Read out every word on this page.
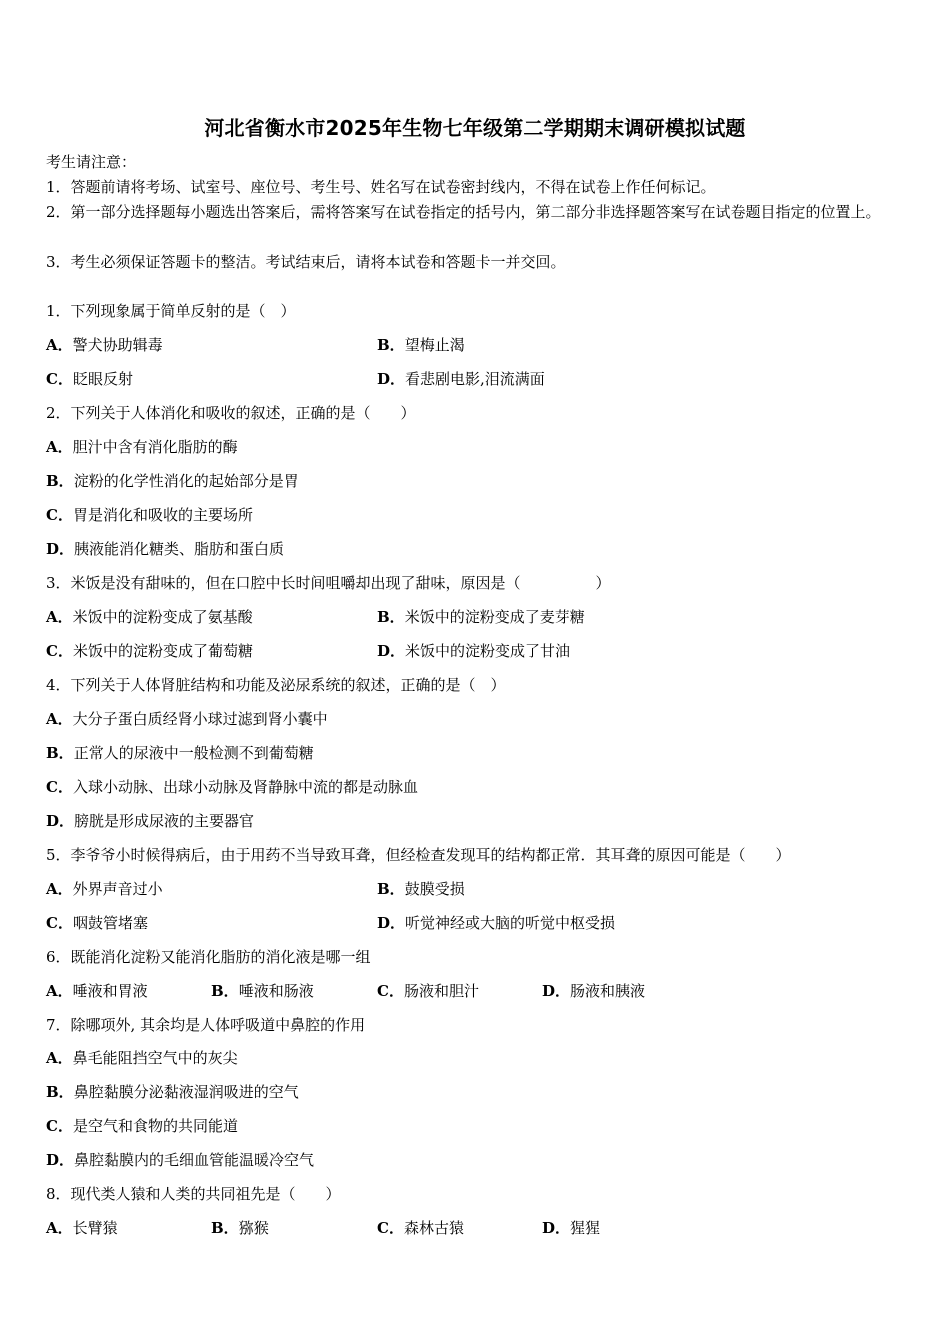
河北省衡水市2025年生物七年级第二学期期末调研模拟试题
考生请注意：
1．答题前请将考场、试室号、座位号、考生号、姓名写在试卷密封线内，不得在试卷上作任何标记。
2．第一部分选择题每小题选出答案后，需将答案写在试卷指定的括号内，第二部分非选择题答案写在试卷题目指定的位置上。
3．考生必须保证答题卡的整洁。考试结束后，请将本试卷和答题卡一并交回。
1．下列现象属于简单反射的是（　）
A．警犬协助辑毒	B．望梅止渴
C．眨眼反射	D．看悲剧电影,泪流满面
2．下列关于人体消化和吸收的叙述，正确的是（　　）
A．胆汁中含有消化脂肪的酶
B．淀粉的化学性消化的起始部分是胃
C．胃是消化和吸收的主要场所
D．胰液能消化糖类、脂肪和蛋白质
3．米饭是没有甜味的，但在口腔中长时间咀嚼却出现了甜味，原因是（　　　　　）
A．米饭中的淀粉变成了氨基酸	B．米饭中的淀粉变成了麦芽糖
C．米饭中的淀粉变成了葡萄糖	D．米饭中的淀粉变成了甘油
4．下列关于人体肾脏结构和功能及泌尿系统的叙述，正确的是（　）
A．大分子蛋白质经肾小球过滤到肾小囊中
B．正常人的尿液中一般检测不到葡萄糖
C．入球小动脉、出球小动脉及肾静脉中流的都是动脉血
D．膀胱是形成尿液的主要器官
5．李爷爷小时候得病后，由于用药不当导致耳聋，但经检查发现耳的结构都正常．其耳聋的原因可能是（　　）
A．外界声音过小	B．鼓膜受损
C．咽鼓管堵塞	D．听觉神经或大脑的听觉中枢受损
6．既能消化淀粉又能消化脂肪的消化液是哪一组
A．唾液和胃液	B．唾液和肠液	C．肠液和胆汁	D．肠液和胰液
7．除哪项外, 其余均是人体呼吸道中鼻腔的作用
A．鼻毛能阻挡空气中的灰尖
B．鼻腔黏膜分泌黏液湿润吸进的空气
C．是空气和食物的共同能道
D．鼻腔黏膜内的毛细血管能温暖冷空气
8．现代类人猿和人类的共同祖先是（　　）
A．长臂猿	B．猕猴	C．森林古猿	D．猩猩
